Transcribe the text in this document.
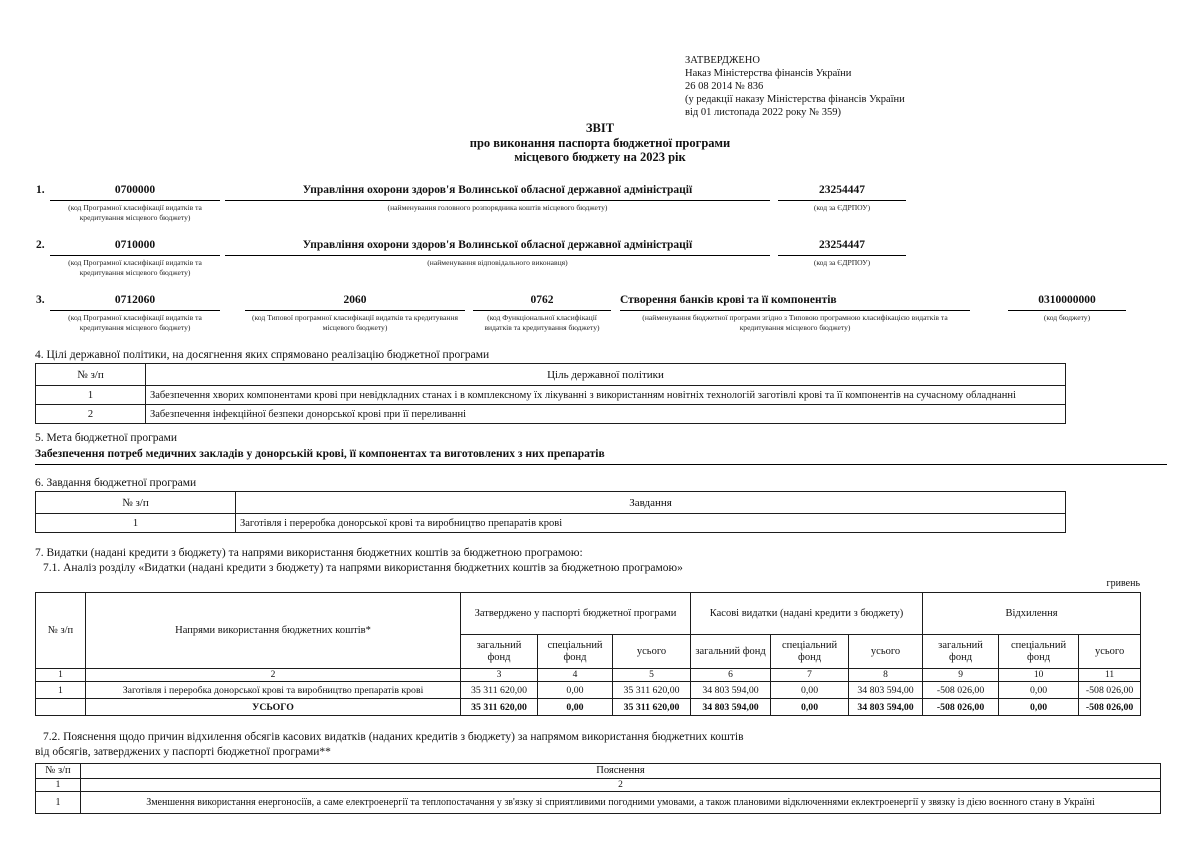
ЗАТВЕРДЖЕНО
Наказ Міністерства фінансів України
26 08 2014 № 836
(у редакції наказу Міністерства фінансів України
від 01 листопада 2022 року № 359)
ЗВІТ
про виконання паспорта бюджетної програми
місцевого бюджету на 2023 рік
1.	0700000
(код Програмної класифікації видатків та кредитування місцевого бюджету)
Управління охорони здоров'я Волинської обласної державної адміністрації
(найменування головного розпорядника коштів місцевого бюджету)
23254447
(код за ЄДРПОУ)
2.	0710000
(код Програмної класифікації видатків та кредитування місцевого бюджету)
Управління охорони здоров'я Волинської обласної державної адміністрації
(найменування відповідального виконавця)
23254447
(код за ЄДРПОУ)
3.	0712060
(код Програмної класифікації видатків та кредитування місцевого бюджету)
2060
(код Типової програмної класифікації видатків та кредитування місцевого бюджету)
0762
(код Функціональної класифікації видатків та кредитування бюджету)
Створення банків крові та її компонентів
(найменування бюджетної програми згідно з Типовою програмною класифікацією видатків та кредитування місцевого бюджету)
0310000000
(код бюджету)
4. Цілі державної політики, на досягнення яких спрямовано реалізацію бюджетної програми
№ з/п	Ціль державної політики
1	Забезпечення хворих компонентами крові при невідкладних станах і в комплексному їх лікуванні з використанням новітніх технологій заготівлі крові та її компонентів на сучасному обладнанні
2	Забезпечення інфекційної безпеки донорської крові при її переливанні
5. Мета бюджетної програми
Забезпечення потреб медичних закладів у донорській крові, її компонентах та виготовлених з них препаратів
6. Завдання бюджетної програми
№ з/п	Завдання
1	Заготівля і переробка донорської крові та виробництво препаратів крові
7. Видатки (надані кредити з бюджету) та напрями використання бюджетних коштів за бюджетною програмою:
7.1. Аналіз розділу «Видатки (надані кредити з бюджету) та напрями використання бюджетних коштів за бюджетною програмою»
гривень
№ з/п	Напрями використання бюджетних коштів*	Затверджено у паспорті бюджетної програми			Касові видатки (надані кредити з бюджету)			Відхилення		
		загальний фонд	спеціальний фонд	усього	загальний фонд	спеціальний фонд	усього	загальний фонд	спеціальний фонд	усього
1	2	3	4	5	6	7	8	9	10	11
1	Заготівля і переробка донорської крові та виробництво препаратів крові	35 311 620,00	0,00	35 311 620,00	34 803 594,00	0,00	34 803 594,00	-508 026,00	0,00	-508 026,00
	УСЬОГО	35 311 620,00	0,00	35 311 620,00	34 803 594,00	0,00	34 803 594,00	-508 026,00	0,00	-508 026,00
7.2. Пояснення щодо причин відхилення обсягів касових видатків (наданих кредитів з бюджету) за напрямом використання бюджетних коштів
від обсягів, затверджених у паспорті бюджетної програми**
№ з/п	Пояснення
1	2
1	Зменшення використання енергоносіїв, а саме електроенергії та теплопостачання у зв'язку зі сприятливими погодними умовами, а також плановими відключеннями еклектроенергії у звязку із дією воєнного стану в Україні
